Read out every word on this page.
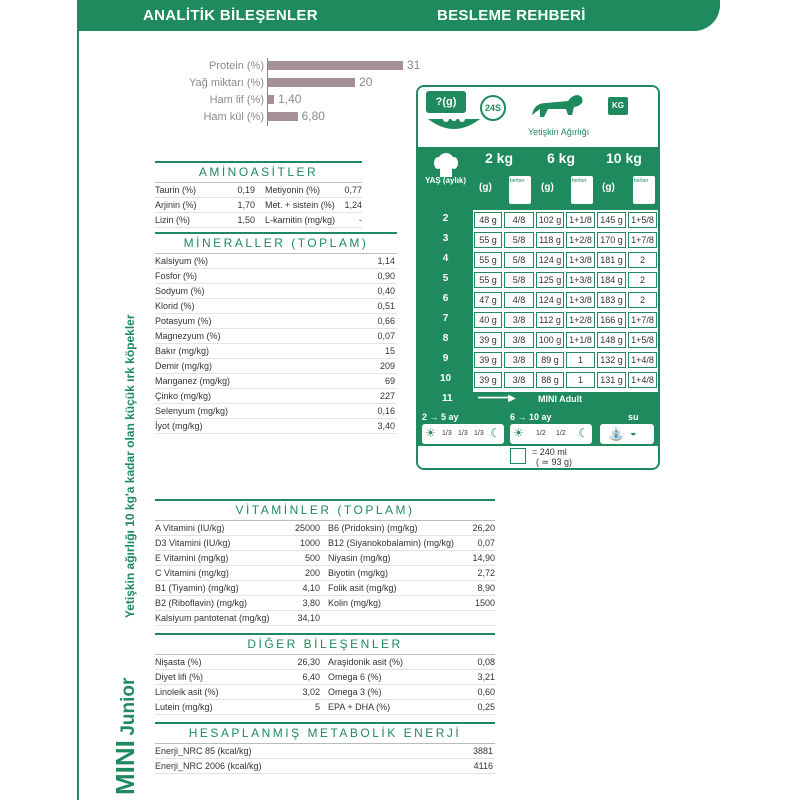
ANALİTİK BİLEŞENLER	BESLEME REHBERİ
MINI Junior Yetişkin ağırlığı 10 kg'a kadar olan küçük ırk köpekler
Protein (%)	31
Yağ miktarı (%)	20
Ham lif (%) 1,40
Ham kül (%)	6,80
AMİNOASİTLER
Taurin (%)	0,19 Metiyonin (%)	0,77
Arjinin (%)	1,70 Met. + sistein (%) 1,24
Lizin (%)	1,50 L-karnitin (mg/kg)	-
MİNERALLER (TOPLAM)
Kalsiyum (%)	1,14
Fosfor (%)	0,90
Sodyum (%)	0,40
Klorid (%)	0,51
Potasyum (%)	0,66
Magnezyum (%)	0,07
Bakır (mg/kg)	15
Demir (mg/kg)	209
Manganez (mg/kg)	69
Çinko (mg/kg)	227
Selenyum (mg/kg)	0,16
İyot (mg/kg)	3,40
VİTAMİNLER (TOPLAM)
A Vitamini (IU/kg)	25000 B6 (Pridoksin) (mg/kg)	26,20
D3 Vitamini (IU/kg)	1000 B12 (Siyanokobalamin) (mg/kg)	0,07
E Vitamini (mg/kg)	500 Niyasin (mg/kg)	14,90
C Vitamini (mg/kg)	200 Biyotin (mg/kg)	2,72
B1 (Tiyamin) (mg/kg)	4,10 Folik asit (mg/kg)	8,90
B2 (Riboflavin) (mg/kg)	3,80 Kolin (mg/kg)	1500
Kalsiyum pantotenat (mg/kg)	34,10
DİĞER BİLEŞENLER
Nişasta (%)	26,30 Araşidonik asit (%)	0,08
Diyet lifi (%)	6,40 Omega 6 (%)	3,21
Linoleik asit (%)	3,02 Omega 3 (%)	0,60
Lutein (mg/kg)	5 EPA + DHA (%)	0,25
HESAPLANMIŞ METABOLİK ENERJİ
Enerji_NRC 85 (kcal/kg)	3881
Enerji_NRC 2006 (kcal/kg)	4116
?(g)	24S	KG
Yetişkin Ağırlığı
YAŞ (aylık)
2 kg 6 kg 10 kg
(g)
berber
(g)
berber
(g)
berber
2	48 g	4/8	102 g 1+1/8 145 g 1+5/8
3	55 g	5/8	118 g 1+2/8 170 g 1+7/8
4	55 g	5/8	124 g 1+3/8 181 g	2
5	55 g	5/8	125 g 1+3/8 184 g	2
6	47 g	4/8	124 g 1+3/8 183 g	2
7	40 g	3/8	112 g 1+2/8 166 g 1+7/8
8	39 g	3/8	100 g 1+1/8 148 g 1+5/8
9	39 g	3/8	89 g	1	132 g 1+4/8
10	39 g	3/8	88 g	1	131 g 1+4/8
11	━━━━━▶ MINI Adult
2 → 5 ay	6 → 10 ay	su
☀ 1/3 1/3 1/3 ☾ ☀ 1/2 1/2 ☾ ⛲ ◒
= 240 ml
( ≃ 93 g)
